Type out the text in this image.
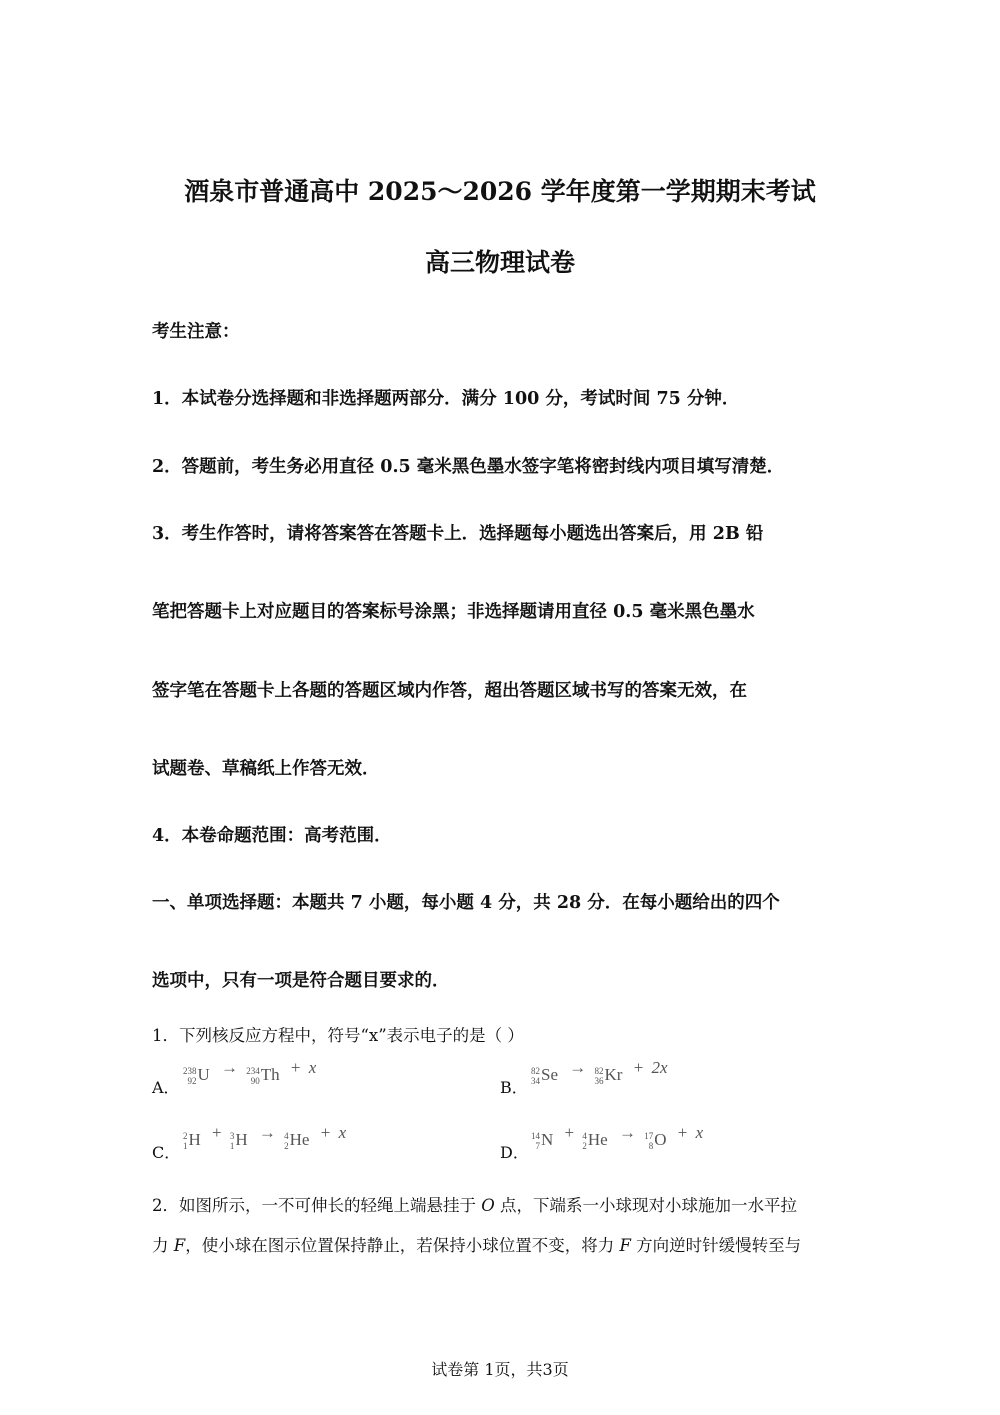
酒泉市普通高中 2025～2026 学年度第一学期期末考试
高三物理试卷
考生注意：
1．本试卷分选择题和非选择题两部分．满分 100 分，考试时间 75 分钟．
2．答题前，考生务必用直径 0.5 毫米黑色墨水签字笔将密封线内项目填写清楚．
3．考生作答时，请将答案答在答题卡上．选择题每小题选出答案后，用 2B 铅
笔把答题卡上对应题目的答案标号涂黑；非选择题请用直径 0.5 毫米黑色墨水
签字笔在答题卡上各题的答题区域内作答，超出答题区域书写的答案无效，在
试题卷、草稿纸上作答无效．
4．本卷命题范围：高考范围．
一、单项选择题：本题共 7 小题，每小题 4 分，共 28 分．在每小题给出的四个
选项中，只有一项是符合题目要求的．
1．下列核反应方程中，符号“x”表示电子的是（ ）
A．
238
92 U → 234
90 Th + x
B．
82
34 Se → 82
36 Kr + 2x
C．
2
1 H + 3
1 H → 4
2 He + x
D．
14
7 N + 4
2 He → 17
8 O + x
2．如图所示，一不可伸长的轻绳上端悬挂于 O 点，下端系一小球现对小球施加一水平拉
力 F，使小球在图示位置保持静止，若保持小球位置不变，将力 F 方向逆时针缓慢转至与
试卷第 1页，共3页
